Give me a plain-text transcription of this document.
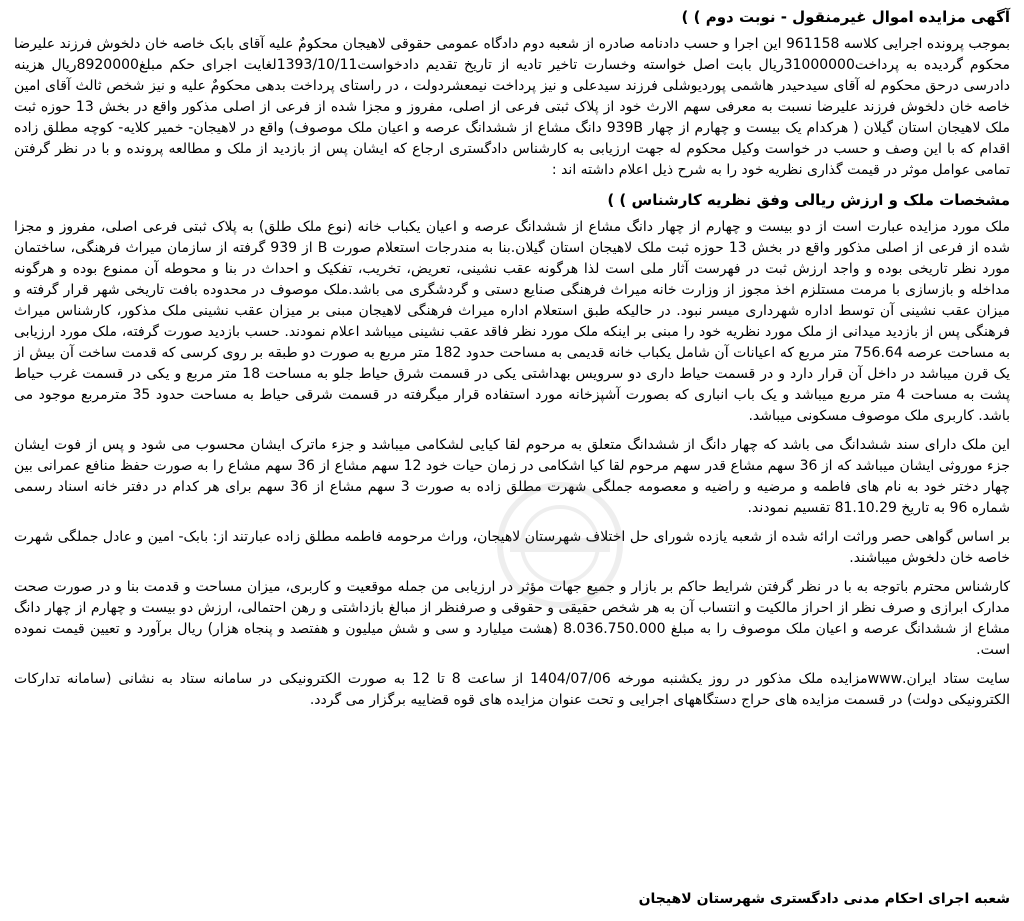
آگهی مزایده اموال غیرمنقول - نوبت دوم ) )

بموجب پرونده اجرایی کلاسه 961158 این اجرا و حسب دادنامه صادره از شعبه دوم دادگاه عمومی حقوقی لاهیجان محکومٌ علیه آقای بابک خاصه خان دلخوش فرزند علیرضا محکوم گردیده به پرداخت31000000ریال بابت اصل خواسته وخسارت تاخیر تادیه از تاریخ تقدیم دادخواست1393/10/11لغایت اجرای حکم مبلغ8920000ریال هزینه دادرسی درحق محکوم له آقای سیدحیدر هاشمی پوردیوشلی فرزند سیدعلی و نیز پرداخت نیمعشردولت ، در راستای پرداخت بدهی محکومٌ علیه و نیز شخص ثالث آقای امین خاصه خان دلخوش فرزند علیرضا نسبت به معرفی سهم الارث خود از پلاک ثبتی فرعی از اصلی، مفروز و مجزا شده از فرعی از اصلی مذکور واقع در بخش 13 حوزه ثبت ملک لاهیجان استان گیلان ( هرکدام یک بیست و چهارم از چهار 939B دانگ مشاع از ششدانگ عرصه و اعیان ملک موصوف) واقع در لاهیجان- خمیر کلایه- کوچه مطلق زاده اقدام که با این وصف و حسب در خواست وکیل محکوم له جهت ارزیابی به کارشناس دادگستری ارجاع که ایشان پس از بازدید از ملک و مطالعه پرونده و با در نظر گرفتن تمامی عوامل موثر در قیمت گذاری نظریه خود را به شرح ذیل اعلام داشته اند :

مشخصات ملک و ارزش ریالی وفق نظریه کارشناس ) )

ملک مورد مزایده عبارت است از دو بیست و چهارم از چهار دانگ مشاع از ششدانگ عرصه و اعیان یکباب خانه (نوع ملک طلق) به پلاک ثبتی فرعی اصلی، مفروز و مجزا شده از فرعی از اصلی مذکور واقع در بخش 13 حوزه ثبت ملک لاهیجان استان گیلان.بنا به مندرجات استعلام صورت B از 939 گرفته از سازمان میراث فرهنگی، ساختمان مورد نظر تاریخی بوده و واجد ارزش ثبت در فهرست آثار ملی است لذا هرگونه عقب نشینی، تعریض، تخریب، تفکیک و احداث در بنا و محوطه آن ممنوع بوده و هرگونه مداخله و بازسازی با مرمت مستلزم اخذ مجوز از وزارت خانه میراث فرهنگی صنایع دستی و گردشگری می باشد.ملک موصوف در محدوده بافت تاریخی شهر قرار گرفته و میزان عقب نشینی آن توسط اداره شهرداری میسر نبود. در حالیکه طبق استعلام اداره میراث فرهنگی لاهیجان مبنی بر میزان عقب نشینی ملک مذکور، کارشناس میراث فرهنگی پس از بازدید میدانی از ملک مورد نظریه خود را مبنی بر اینکه ملک مورد نظر فاقد عقب نشینی میباشد اعلام نمودند. حسب بازدید صورت گرفته، ملک مورد ارزیابی به مساحت عرصه 756.64 متر مربع که اعیانات آن شامل یکباب خانه قدیمی به مساحت حدود 182 متر مربع به صورت دو طبقه بر روی کرسی که قدمت ساخت آن بیش از یک قرن میباشد در داخل آن قرار دارد و در قسمت حیاط داری دو سرویس بهداشتی یکی در قسمت شرق حیاط جلو به مساحت 18 متر مربع و یکی در قسمت غرب حیاط پشت به مساحت 4 متر مربع میباشد و یک باب انباری که بصورت آشپزخانه مورد استفاده قرار میگرفته در قسمت شرقی حیاط به مساحت حدود 35 مترمربع موجود می باشد. کاربری ملک موصوف مسکونی میباشد.

این ملک دارای سند ششدانگ می باشد که چهار دانگ از ششدانگ متعلق به مرحوم لقا کیایی لشکامی میباشد و جزء ماترک ایشان محسوب می شود و پس از فوت ایشان جزء موروثی ایشان میباشد که از 36 سهم مشاع قدر سهم مرحوم لقا کیا اشکامی در زمان حیات خود 12 سهم مشاع از 36 سهم مشاع را به صورت حفظ منافع عمرانی بین چهار دختر خود به نام های فاطمه و مرضیه و راضیه و معصومه جملگی شهرت مطلق زاده به صورت 3 سهم مشاع از 36 سهم برای هر کدام در دفتر خانه اسناد رسمی شماره 96 به تاریخ 81.10.29 تقسیم نمودند.

بر اساس گواهی حصر وراثت ارائه شده از شعبه یازده شورای حل اختلاف شهرستان لاهیجان، وراث مرحومه فاطمه مطلق زاده عبارتند از: بابک- امین و عادل جملگی شهرت خاصه خان دلخوش میباشند.

کارشناس محترم باتوجه به با در نظر گرفتن شرایط حاکم بر بازار و جمیع جهات مؤثر در ارزیابی من جمله موقعیت و کاربری، میزان مساحت و قدمت بنا و در صورت صحت مدارک ابرازی و صرف نظر از احراز مالکیت و انتساب آن به هر شخص حقیقی و حقوقی و صرفنظر از مبالغ بازداشتی و رهن احتمالی، ارزش دو بیست و چهارم از چهار دانگ مشاع از ششدانگ عرصه و اعیان ملک موصوف را به مبلغ 8.036.750.000 (هشت میلیارد و سی و شش میلیون و هفتصد و پنجاه هزار) ریال برآورد و تعیین قیمت نموده است.

سایت ستاد ایران.wwwمزایده ملک مذکور در روز یکشنبه مورخه 1404/07/06 از ساعت 8 تا 12 به صورت الکترونیکی در سامانه ستاد به نشانی (سامانه تدارکات الکترونیکی دولت) در قسمت مزایده های حراج دستگاههای اجرایی و تحت عنوان مزایده های قوه قضاییه برگزار می گردد.

شعبه اجرای احکام مدنی دادگستری شهرستان لاهیجان
